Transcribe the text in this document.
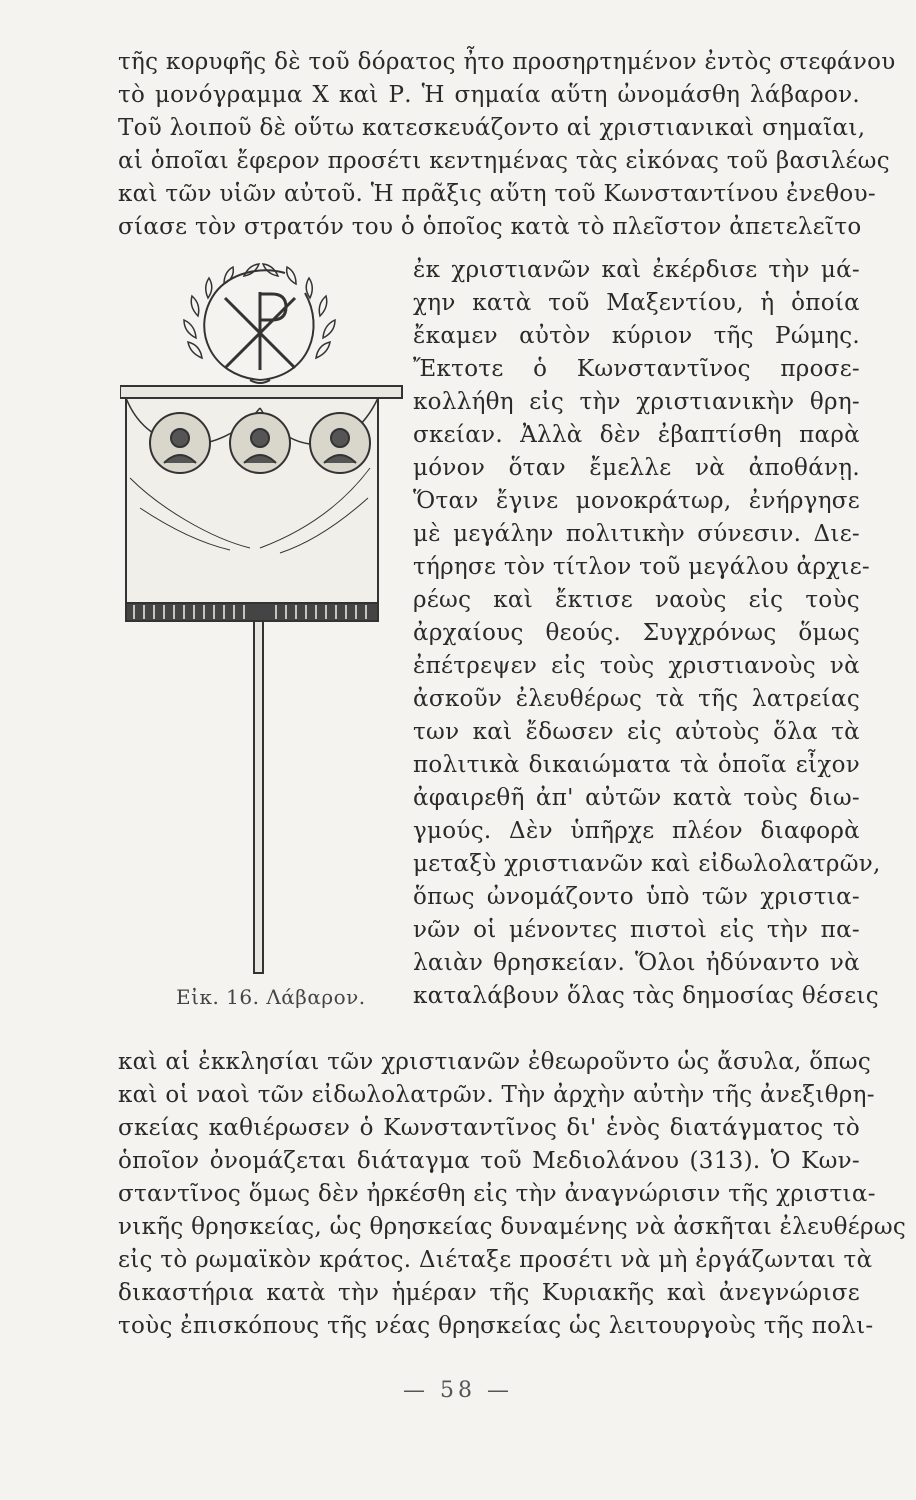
τῆς κορυφῆς δὲ τοῦ δόρατος ἦτο προσηρτημένον ἐντὸς στεφάνου
τὸ μονόγραμμα Χ καὶ Ρ. Ἡ σημαία αὕτη ὠνομάσθη λάβαρον.
Τοῦ λοιποῦ δὲ οὕτω κατεσκευάζοντο αἱ χριστιανικαὶ σημαῖαι,
αἱ ὁποῖαι ἔφερον προσέτι κεντημένας τὰς εἰκόνας τοῦ βασιλέως
καὶ τῶν υἱῶν αὐτοῦ. Ἡ πρᾶξις αὕτη τοῦ Κωνσταντίνου ἐνεθου-
σίασε τὸν στρατόν του ὁ ὁποῖος κατὰ τὸ πλεῖστον ἀπετελεῖτο
ἐκ χριστιανῶν καὶ ἐκέρδισε τὴν μά-
χην κατὰ τοῦ Μαξεντίου, ἡ ὁποία
ἔκαμεν αὐτὸν κύριον τῆς Ρώμης.
Ἔκτοτε ὁ Κωνσταντῖνος προσε-
κολλήθη εἰς τὴν χριστιανικὴν θρη-
σκείαν. Ἀλλὰ δὲν ἐβαπτίσθη παρὰ
μόνον ὅταν ἔμελλε νὰ ἀποθάνῃ.
Ὅταν ἔγινε μονοκράτωρ, ἐνήργησε
μὲ μεγάλην πολιτικὴν σύνεσιν. Διε-
τήρησε τὸν τίτλον τοῦ μεγάλου ἀρχιε-
ρέως καὶ ἔκτισε ναοὺς εἰς τοὺς
ἀρχαίους θεούς. Συγχρόνως ὅμως
ἐπέτρεψεν εἰς τοὺς χριστιανοὺς νὰ
ἀσκοῦν ἐλευθέρως τὰ τῆς λατρείας
των καὶ ἔδωσεν εἰς αὐτοὺς ὅλα τὰ
πολιτικὰ δικαιώματα τὰ ὁποῖα εἶχον
ἀφαιρεθῆ ἀπ' αὐτῶν κατὰ τοὺς διω-
γμούς. Δὲν ὑπῆρχε πλέον διαφορὰ
μεταξὺ χριστιανῶν καὶ εἰδωλολατρῶν,
ὅπως ὠνομάζοντο ὑπὸ τῶν χριστια-
νῶν οἱ μένοντες πιστοὶ εἰς τὴν πα-
λαιὰν θρησκείαν. Ὅλοι ἠδύναντο νὰ
καταλάβουν ὅλας τὰς δημοσίας θέσεις
Εἰκ. 16. Λάβαρον.
καὶ αἱ ἐκκλησίαι τῶν χριστιανῶν ἐθεωροῦντο ὡς ἄσυλα, ὅπως
καὶ οἱ ναοὶ τῶν εἰδωλολατρῶν. Τὴν ἀρχὴν αὐτὴν τῆς ἀνεξιθρη-
σκείας καθιέρωσεν ὁ Κωνσταντῖνος δι' ἑνὸς διατάγματος τὸ
ὁποῖον ὀνομάζεται διάταγμα τοῦ Μεδιολάνου (313). Ὁ Κων-
σταντῖνος ὅμως δὲν ἠρκέσθη εἰς τὴν ἀναγνώρισιν τῆς χριστια-
νικῆς θρησκείας, ὡς θρησκείας δυναμένης νὰ ἀσκῆται ἐλευθέρως
εἰς τὸ ρωμαϊκὸν κράτος. Διέταξε προσέτι νὰ μὴ ἐργάζωνται τὰ
δικαστήρια κατὰ τὴν ἡμέραν τῆς Κυριακῆς καὶ ἀνεγνώρισε
τοὺς ἐπισκόπους τῆς νέας θρησκείας ὡς λειτουργοὺς τῆς πολι-
— 58 —
